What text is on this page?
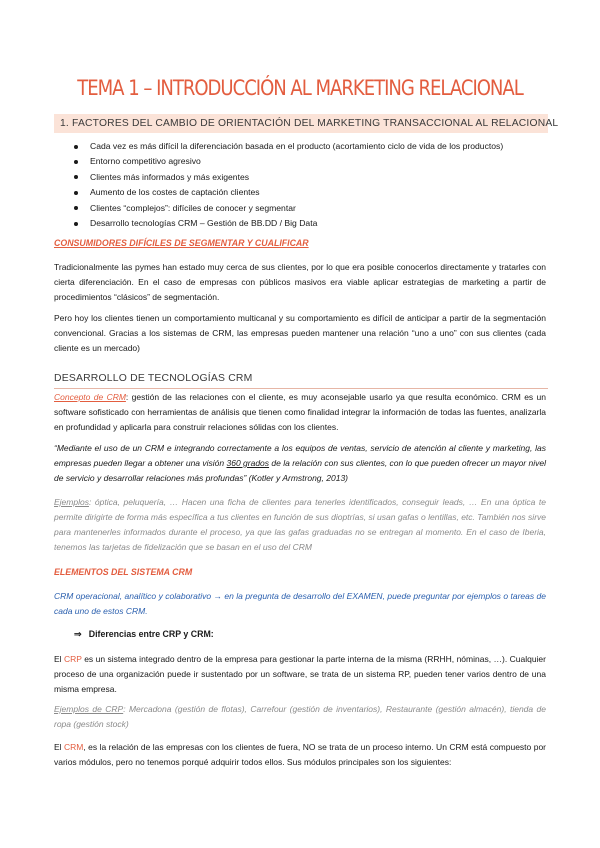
TEMA 1 – INTRODUCCIÓN AL MARKETING RELACIONAL
1. FACTORES DEL CAMBIO DE ORIENTACIÓN DEL MARKETING TRANSACCIONAL AL RELACIONAL
Cada vez es más difícil la diferenciación basada en el producto (acortamiento ciclo de vida de los productos)
Entorno competitivo agresivo
Clientes más informados y más exigentes
Aumento de los costes de captación clientes
Clientes “complejos”: difíciles de conocer y segmentar
Desarrollo tecnologías CRM – Gestión de BB.DD / Big Data
CONSUMIDORES DIFÍCILES DE SEGMENTAR Y CUALIFICAR
Tradicionalmente las pymes han estado muy cerca de sus clientes, por lo que era posible conocerlos directamente y tratarles con cierta diferenciación. En el caso de empresas con públicos masivos era viable aplicar estrategias de marketing a partir de procedimientos “clásicos” de segmentación.
Pero hoy los clientes tienen un comportamiento multicanal y su comportamiento es difícil de anticipar a partir de la segmentación convencional. Gracias a los sistemas de CRM, las empresas pueden mantener una relación “uno a uno” con sus clientes (cada cliente es un mercado)
DESARROLLO DE TECNOLOGÍAS CRM
Concepto de CRM: gestión de las relaciones con el cliente, es muy aconsejable usarlo ya que resulta económico. CRM es un software sofisticado con herramientas de análisis que tienen como finalidad integrar la información de todas las fuentes, analizarla en profundidad y aplicarla para construir relaciones sólidas con los clientes.
“Mediante el uso de un CRM e integrando correctamente a los equipos de ventas, servicio de atención al cliente y marketing, las empresas pueden llegar a obtener una visión 360 grados de la relación con sus clientes, con lo que pueden ofrecer un mayor nivel de servicio y desarrollar relaciones más profundas” (Kotler y Armstrong, 2013)
Ejemplos: óptica, peluquería, … Hacen una ficha de clientes para tenerles identificados, conseguir leads, … En una óptica te permite dirigirte de forma más específica a tus clientes en función de sus dioptrías, si usan gafas o lentillas, etc. También nos sirve para mantenerles informados durante el proceso, ya que las gafas graduadas no se entregan al momento. En el caso de Iberia, tenemos las tarjetas de fidelización que se basan en el uso del CRM
ELEMENTOS DEL SISTEMA CRM
CRM operacional, analítico y colaborativo → en la pregunta de desarrollo del EXAMEN, puede preguntar por ejemplos o tareas de cada uno de estos CRM.
⇒ Diferencias entre CRP y CRM:
El CRP es un sistema integrado dentro de la empresa para gestionar la parte interna de la misma (RRHH, nóminas, …). Cualquier proceso de una organización puede ir sustentado por un software, se trata de un sistema RP, pueden tener varios dentro de una misma empresa.
Ejemplos de CRP: Mercadona (gestión de flotas), Carrefour (gestión de inventarios), Restaurante (gestión almacén), tienda de ropa (gestión stock)
El CRM, es la relación de las empresas con los clientes de fuera, NO se trata de un proceso interno. Un CRM está compuesto por varios módulos, pero no tenemos porqué adquirir todos ellos. Sus módulos principales son los siguientes:
